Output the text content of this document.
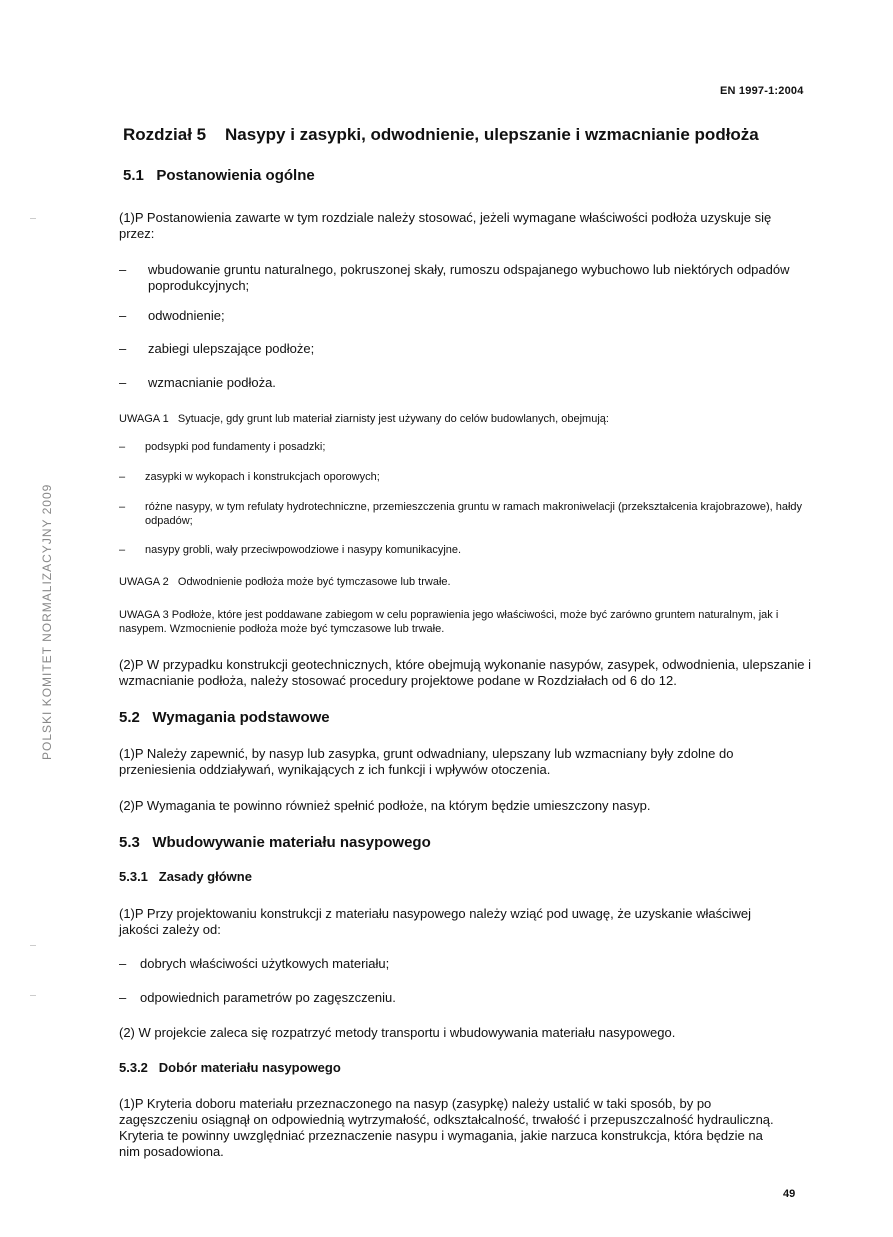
EN 1997-1:2004
POLSKI KOMITET NORMALIZACYJNY 2009
Rozdział 5    Nasypy i zasypki, odwodnienie, ulepszanie i wzmacnianie podłoża
5.1   Postanowienia ogólne
(1)P Postanowienia zawarte w tym rozdziale należy stosować, jeżeli wymagane właściwości podłoża uzyskuje się przez:
– wbudowanie gruntu naturalnego, pokruszonej skały, rumoszu odspajanego wybuchowo lub niektórych odpadów poprodukcyjnych;
– odwodnienie;
– zabiegi ulepszające podłoże;
– wzmacnianie podłoża.
UWAGA 1   Sytuacje, gdy grunt lub materiał ziarnisty jest używany do celów budowlanych, obejmują:
– podsypki pod fundamenty i posadzki;
– zasypki w wykopach i konstrukcjach oporowych;
– różne nasypy, w tym refulaty hydrotechniczne, przemieszczenia gruntu w ramach makroniwelacji (przekształcenia krajobrazowe), hałdy odpadów;
– nasypy grobli, wały przeciwpowodziowe i nasypy komunikacyjne.
UWAGA 2   Odwodnienie podłoża może być tymczasowe lub trwałe.
UWAGA 3 Podłoże, które jest poddawane zabiegom w celu poprawienia jego właściwości, może być zarówno gruntem naturalnym, jak i nasypem. Wzmocnienie podłoża może być tymczasowe lub trwałe.
(2)P W przypadku konstrukcji geotechnicznych, które obejmują wykonanie nasypów, zasypek, odwodnienia, ulepszanie i wzmacnianie podłoża, należy stosować procedury projektowe podane w Rozdziałach od 6 do 12.
5.2   Wymagania podstawowe
(1)P Należy zapewnić, by nasyp lub zasypka, grunt odwadniany, ulepszany lub wzmacniany były zdolne do przeniesienia oddziaływań, wynikających z ich funkcji i wpływów otoczenia.
(2)P Wymagania te powinno również spełnić podłoże, na którym będzie umieszczony nasyp.
5.3   Wbudowywanie materiału nasypowego
5.3.1   Zasady główne
(1)P Przy projektowaniu konstrukcji z materiału nasypowego należy wziąć pod uwagę, że uzyskanie właściwej jakości zależy od:
– dobrych właściwości użytkowych materiału;
– odpowiednich parametrów po zagęszczeniu.
(2) W projekcie zaleca się rozpatrzyć metody transportu i wbudowywania materiału nasypowego.
5.3.2   Dobór materiału nasypowego
(1)P Kryteria doboru materiału przeznaczonego na nasyp (zasypkę) należy ustalić w taki sposób, by po zagęszczeniu osiągnął on odpowiednią wytrzymałość, odkształcalność, trwałość i przepuszczalność hydrauliczną. Kryteria te powinny uwzględniać przeznaczenie nasypu i wymagania, jakie narzuca konstrukcja, która będzie na nim posadowiona.
49
